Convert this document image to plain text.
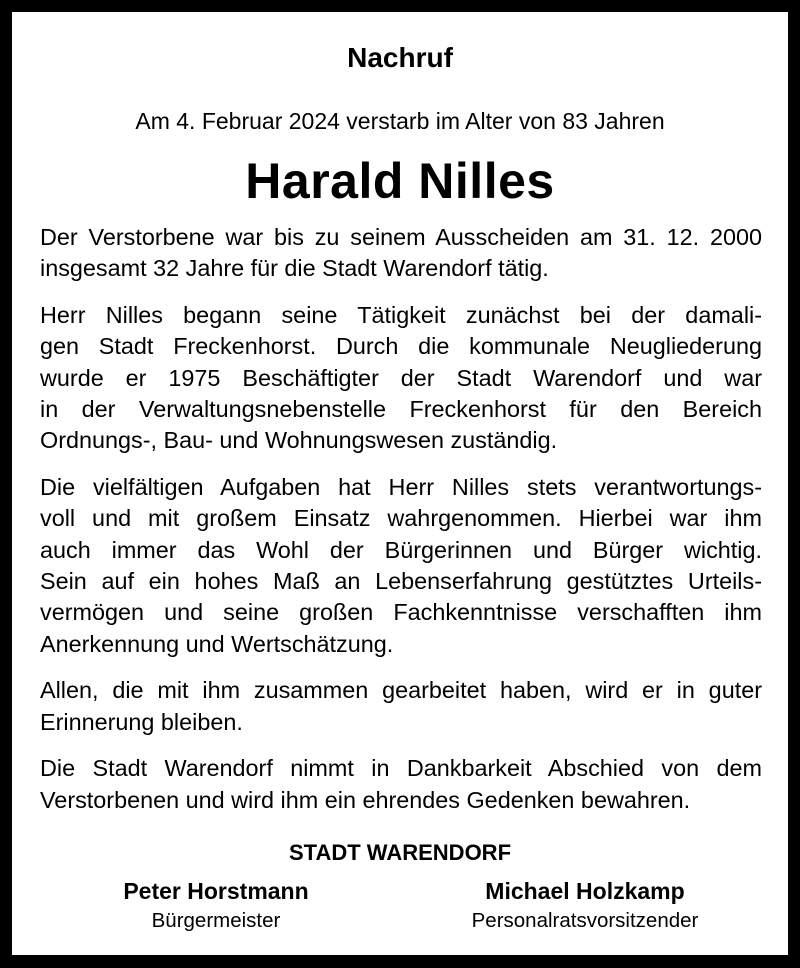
Nachruf
Am 4. Februar 2024 verstarb im Alter von 83 Jahren
Harald Nilles
Der Verstorbene war bis zu seinem Ausscheiden am 31. 12. 2000
insgesamt 32 Jahre für die Stadt Warendorf tätig.
Herr Nilles begann seine Tätigkeit zunächst bei der damali-
gen Stadt Freckenhorst. Durch die kommunale Neugliederung
wurde er 1975 Beschäftigter der Stadt Warendorf und war
in der Verwaltungsnebenstelle Freckenhorst für den Bereich
Ordnungs-, Bau- und Wohnungswesen zuständig.
Die vielfältigen Aufgaben hat Herr Nilles stets verantwortungs-
voll und mit großem Einsatz wahrgenommen. Hierbei war ihm
auch immer das Wohl der Bürgerinnen und Bürger wichtig.
Sein auf ein hohes Maß an Lebenserfahrung gestütztes Urteils-
vermögen und seine großen Fachkenntnisse verschafften ihm
Anerkennung und Wertschätzung.
Allen, die mit ihm zusammen gearbeitet haben, wird er in guter
Erinnerung bleiben.
Die Stadt Warendorf nimmt in Dankbarkeit Abschied von dem
Verstorbenen und wird ihm ein ehrendes Gedenken bewahren.
STADT WARENDORF
Peter Horstmann
Bürgermeister
Michael Holzkamp
Personalratsvorsitzender
